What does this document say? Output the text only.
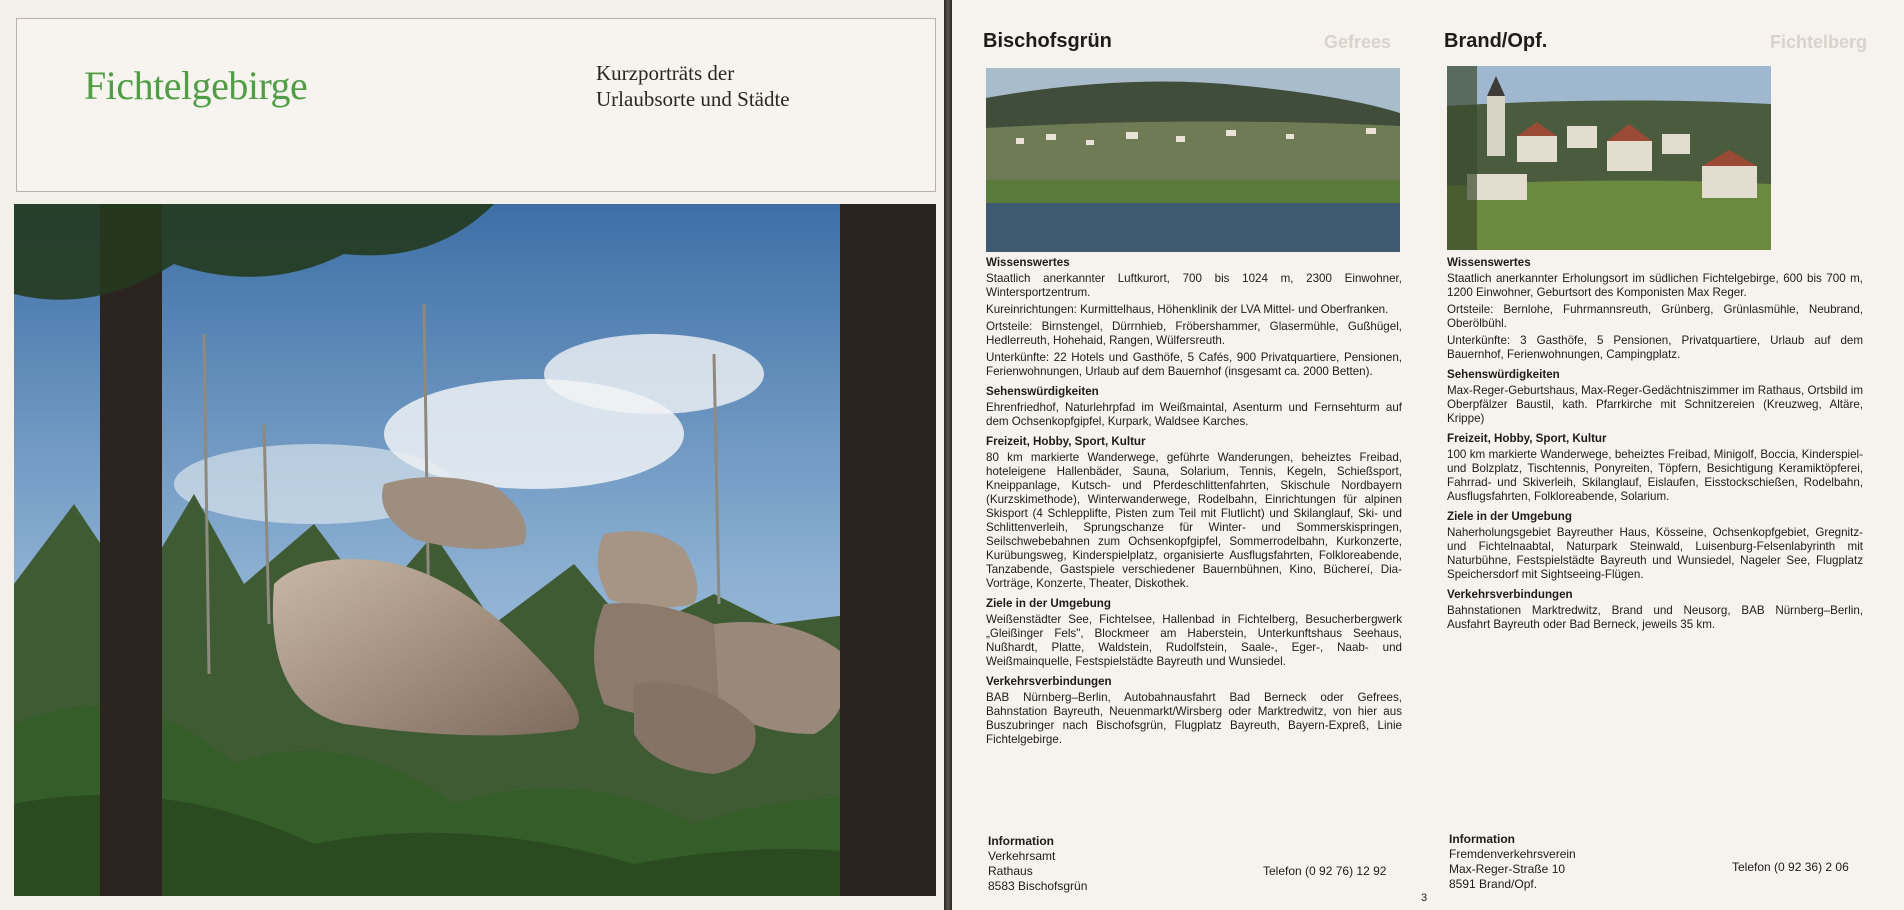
Fichtelgebirge	Kurzporträts der
Urlaubsorte und Städte
Gefrees	Fichtelberg
Bischofsgrün
Wissenswertes

Staatlich anerkannter Luftkurort, 700 bis 1024 m, 2300 Einwohner, Wintersportzentrum.

Kureinrichtungen: Kurmittelhaus, Höhenklinik der LVA Mittel- und Oberfranken.

Ortsteile: Birnstengel, Dürrnhieb, Fröbershammer, Glasermühle, Gußhügel, Hedlerreuth, Hohehaid, Rangen, Wülfersreuth.

Unterkünfte: 22 Hotels und Gasthöfe, 5 Cafés, 900 Privatquartiere, Pensionen, Ferienwohnungen, Urlaub auf dem Bauernhof (insgesamt ca. 2000 Betten).

Sehenswürdigkeiten

Ehrenfriedhof, Naturlehrpfad im Weißmaintal, Asenturm und Fernsehturm auf dem Ochsenkopfgipfel, Kurpark, Waldsee Karches.

Freizeit, Hobby, Sport, Kultur

80 km markierte Wanderwege, geführte Wanderungen, beheiztes Freibad, hoteleigene Hallenbäder, Sauna, Solarium, Tennis, Kegeln, Schießsport, Kneippanlage, Kutsch- und Pferdeschlittenfahrten, Skischule Nordbayern (Kurzskimethode), Winterwanderwege, Rodelbahn, Einrichtungen für alpinen Skisport (4 Schlepplifte, Pisten zum Teil mit Flutlicht) und Skilanglauf, Ski- und Schlittenverleih, Sprungschanze für Winter- und Sommerskispringen, Seilschwebebahnen zum Ochsenkopfgipfel, Sommerrodelbahn, Kurkonzerte, Kurübungsweg, Kinderspielplatz, organisierte Ausflugsfahrten, Folkloreabende, Tanzabende, Gastspiele verschiedener Bauernbühnen, Kino, Büchereí, Dia-Vorträge, Konzerte, Theater, Diskothek.

Ziele in der Umgebung

Weißenstädter See, Fichtelsee, Hallenbad in Fichtelberg, Besucherbergwerk „Gleißinger Fels", Blockmeer am Haberstein, Unterkunftshaus Seehaus, Nußhardt, Platte, Waldstein, Rudolfstein, Saale-, Eger-, Naab- und Weißmainquelle, Festspielstädte Bayreuth und Wunsiedel.

Verkehrsverbindungen

BAB Nürnberg–Berlin, Autobahnausfahrt Bad Berneck oder Gefrees, Bahnstation Bayreuth, Neuenmarkt/Wirsberg oder Marktredwitz, von hier aus Buszubringer nach Bischofsgrün, Flugplatz Bayreuth, Bayern-Expreß, Linie Fichtelgebirge.

Information
Verkehrsamt
Rathaus
8583 Bischofsgrün
Telefon (0 92 76) 12 92
Brand/Opf.
Wissenswertes

Staatlich anerkannter Erholungsort im südlichen Fichtelgebirge, 600 bis 700 m, 1200 Einwohner, Geburtsort des Komponisten Max Reger.

Ortsteile: Bernlohe, Fuhrmannsreuth, Grünberg, Grünlasmühle, Neubrand, Oberölbühl.

Unterkünfte: 3 Gasthöfe, 5 Pensionen, Privatquartiere, Urlaub auf dem Bauernhof, Ferienwohnungen, Campingplatz.

Sehenswürdigkeiten

Max-Reger-Geburtshaus, Max-Reger-Gedächtniszimmer im Rathaus, Ortsbild im Oberpfälzer Baustil, kath. Pfarrkirche mit Schnitzereien (Kreuzweg, Altäre, Krippe)

Freizeit, Hobby, Sport, Kultur

100 km markierte Wanderwege, beheiztes Freibad, Minigolf, Boccia, Kinderspiel- und Bolzplatz, Tischtennis, Ponyreiten, Töpfern, Besichtigung Keramiktöpferei, Fahrrad- und Skiverleih, Skilanglauf, Eislaufen, Eisstockschießen, Rodelbahn, Ausflugsfahrten, Folkloreabende, Solarium.

Ziele in der Umgebung

Naherholungsgebiet Bayreuther Haus, Kösseine, Ochsenkopfgebiet, Gregnitz- und Fichtelnaabtal, Naturpark Steinwald, Luisenburg-Felsenlabyrinth mit Naturbühne, Festspielstädte Bayreuth und Wunsiedel, Nageler See, Flugplatz Speichersdorf mit Sightseeing-Flügen.

Verkehrsverbindungen

Bahnstationen Marktredwitz, Brand und Neusorg, BAB Nürnberg–Berlin, Ausfahrt Bayreuth oder Bad Berneck, jeweils 35 km.

Information
Fremdenverkehrsverein
Max-Reger-Straße 10
8591 Brand/Opf.
Telefon (0 92 36) 2 06
3
